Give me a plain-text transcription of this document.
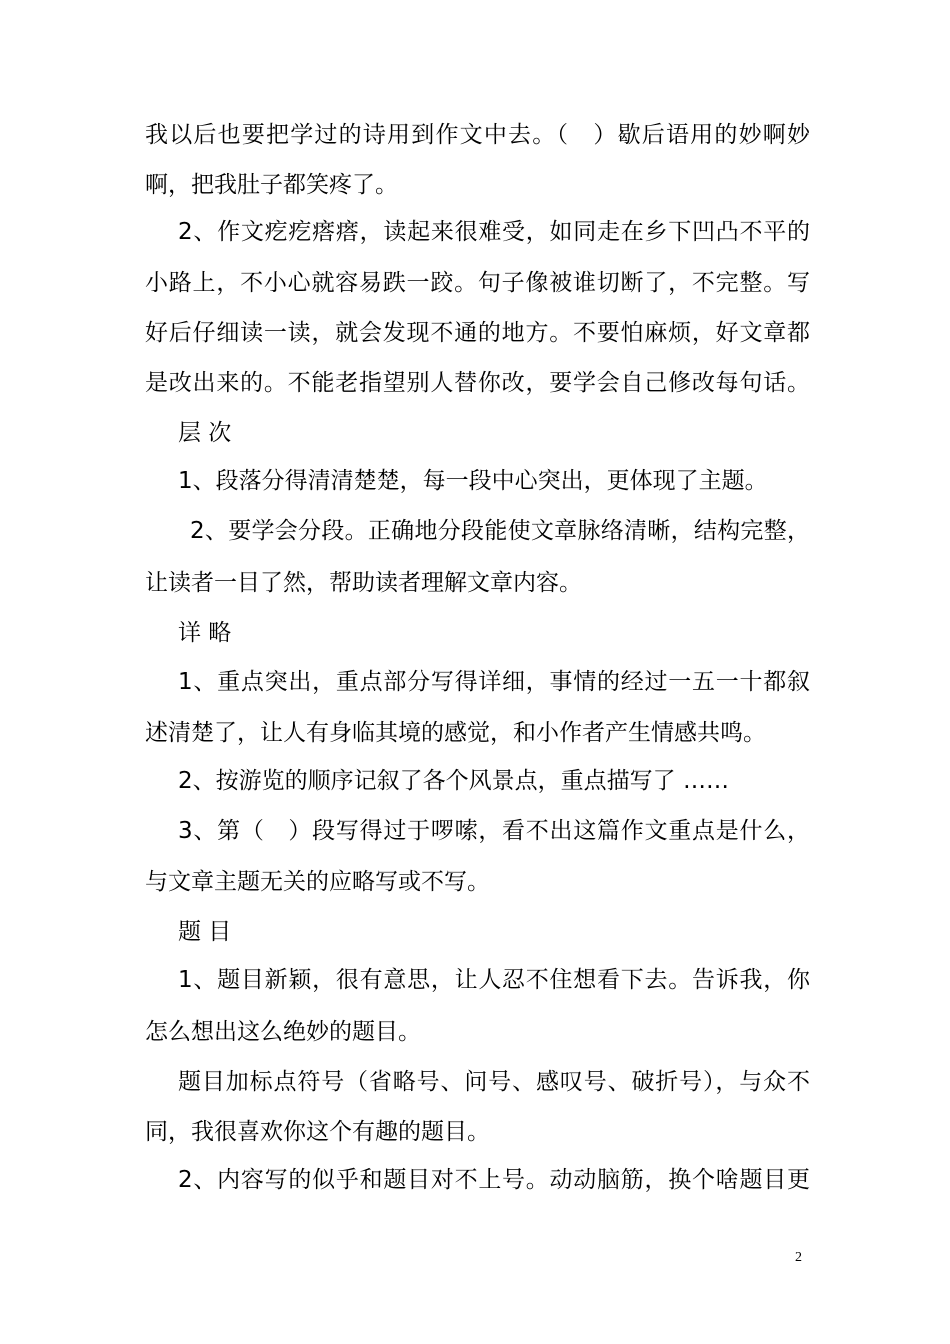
我以后也要把学过的诗用到作文中去。（　）歇后语用的妙啊妙
啊，把我肚子都笑疼了。
2、作文疙疙瘩瘩，读起来很难受，如同走在乡下凹凸不平的
小路上，不小心就容易跌一跤。句子像被谁切断了，不完整。写
好后仔细读一读，就会发现不通的地方。不要怕麻烦，好文章都
是改出来的。不能老指望别人替你改，要学会自己修改每句话。
层 次
1、段落分得清清楚楚，每一段中心突出，更体现了主题。
2、要学会分段。正确地分段能使文章脉络清晰，结构完整，
让读者一目了然，帮助读者理解文章内容。
详 略
1、重点突出，重点部分写得详细，事情的经过一五一十都叙
述清楚了，让人有身临其境的感觉，和小作者产生情感共鸣。
2、按游览的顺序记叙了各个风景点，重点描写了 ……
3、第（　）段写得过于啰嗦，看不出这篇作文重点是什么，
与文章主题无关的应略写或不写。
题 目
1、题目新颖，很有意思，让人忍不住想看下去。告诉我，你
怎么想出这么绝妙的题目。
题目加标点符号（省略号、问号、感叹号、破折号），与众不
同，我很喜欢你这个有趣的题目。
2、内容写的似乎和题目对不上号。动动脑筋，换个啥题目更
2
